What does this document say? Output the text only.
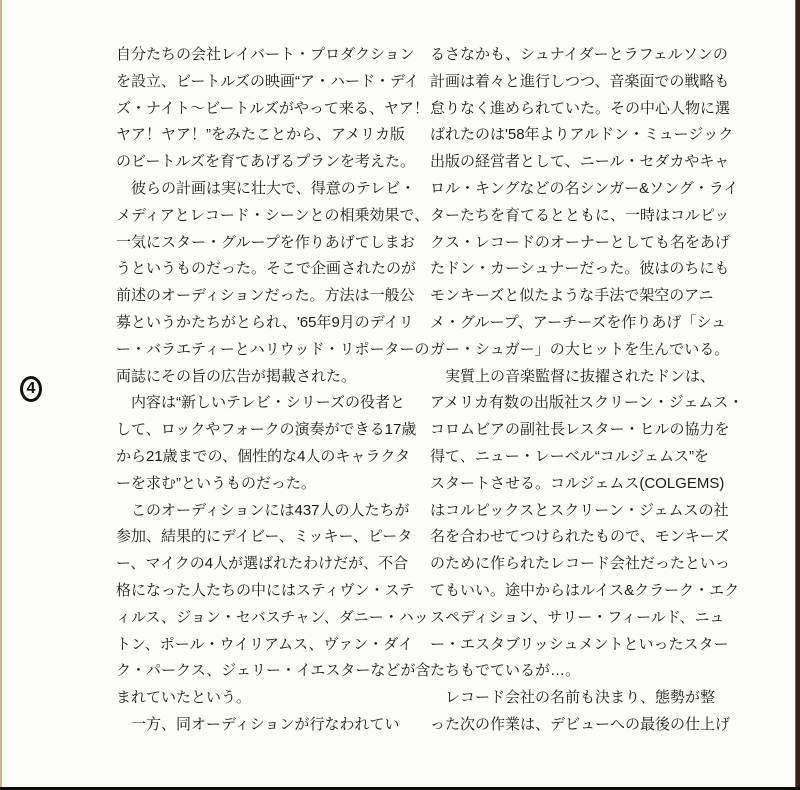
4
自分たちの会社レイバート・プロダクション
を設立、ビートルズの映画“ア・ハード・デイ
ズ・ナイト〜ビートルズがやって来る、ヤア！
ヤア！ヤア！”をみたことから、アメリカ版
のビートルズを育てあげるプランを考えた。
　彼らの計画は実に壮大で、得意のテレビ・
メディアとレコード・シーンとの相乗効果で、
一気にスター・グループを作りあげてしまお
うというものだった。そこで企画されたのが
前述のオーディションだった。方法は一般公
募というかたちがとられ、'65年9月のデイリ
ー・バラエティーとハリウッド・リポーターの
両誌にその旨の広告が掲載された。
　内容は“新しいテレビ・シリーズの役者と
して、ロックやフォークの演奏ができる17歳
から21歳までの、個性的な4人のキャラクタ
ーを求む”というものだった。
　このオーディションには437人の人たちが
参加、結果的にデイビー、ミッキー、ピータ
ー、マイクの4人が選ばれたわけだが、不合
格になった人たちの中にはスティヴン・ステ
ィルス、ジョン・セバスチャン、ダニー・ハッ
トン、ポール・ウイリアムス、ヴァン・ダイ
ク・パークス、ジェリー・イエスターなどが含
まれていたという。
　一方、同オーディションが行なわれてい
るさなかも、シュナイダーとラフェルソンの
計画は着々と進行しつつ、音楽面での戦略も
怠りなく進められていた。その中心人物に選
ばれたのは'58年よりアルドン・ミュージック
出版の経営者として、ニール・セダカやキャ
ロル・キングなどの名シンガー&ソング・ライ
ターたちを育てるとともに、一時はコルピッ
クス・レコードのオーナーとしても名をあげ
たドン・カーシュナーだった。彼はのちにも
モンキーズと似たような手法で架空のアニ
メ・グループ、アーチーズを作りあげ「シュ
ガー・シュガー」の大ヒットを生んでいる。
　実質上の音楽監督に抜擢されたドンは、
アメリカ有数の出版社スクリーン・ジェムス・
コロムビアの副社長レスター・ヒルの協力を
得て、ニュー・レーベル“コルジェムス”を
スタートさせる。コルジェムス(COLGEMS)
はコルピックスとスクリーン・ジェムスの社
名を合わせてつけられたもので、モンキーズ
のために作られたレコード会社だったといっ
てもいい。途中からはルイス&クラーク・エク
スペディション、サリー・フィールド、ニュ
ー・エスタブリッシュメントといったスター
たちもでているが…。
　レコード会社の名前も決まり、態勢が整
った次の作業は、デビューへの最後の仕上げ
